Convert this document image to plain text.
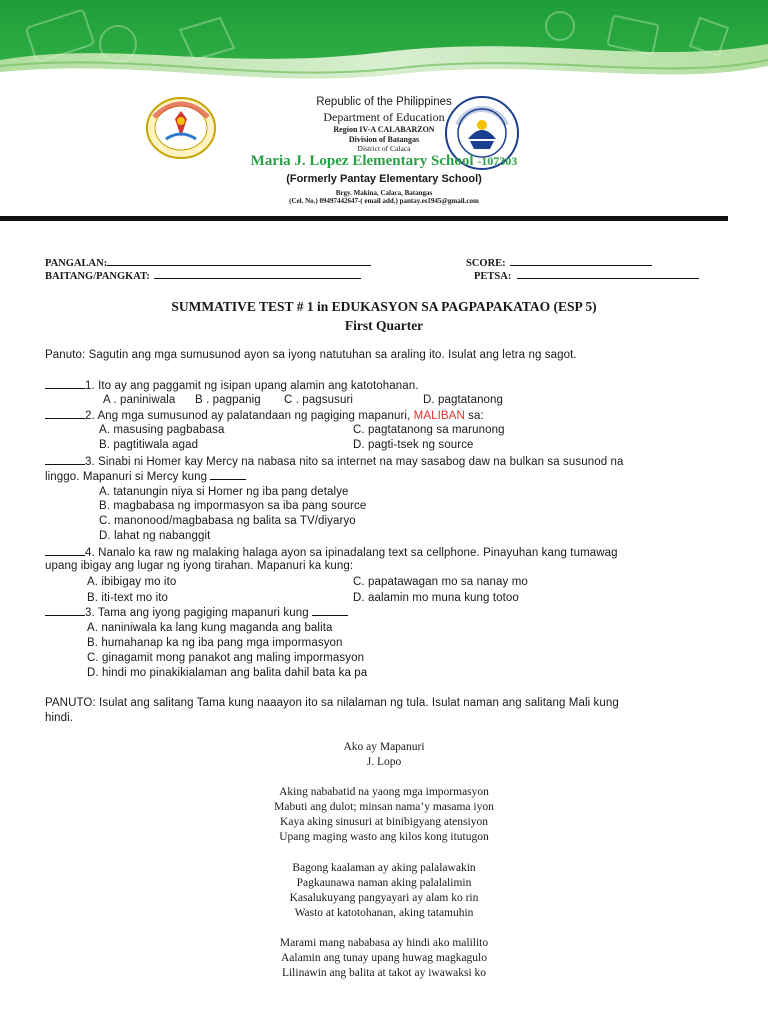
Republic of the Philippines
Department of Education
Region IV-A CALABARZON
Division of Batangas
District of Calaca
Maria J. Lopez Elementary School -107303
(Formerly Pantay Elementary School)
Brgy. Makina, Calaca, Batangas
(Cel. No.) 09497442647-( email add.) pantay.es1945@gmail.com
PANGALAN:
BAITANG/PANGKAT:
SCORE:
PETSA:
SUMMATIVE TEST # 1 in EDUKASYON SA PAGPAPAKATAO (ESP 5)
First Quarter
Panuto: Sagutin ang mga sumusunod ayon sa iyong natutuhan sa araling ito. Isulat ang letra ng sagot.
1. Ito ay ang paggamit ng isipan upang alamin ang katotohanan.
A . paniniwala B . pagpanig C . pagsusuri	D. pagtatanong
2. Ang mga sumusunod ay palatandaan ng pagiging mapanuri, MALIBAN sa:
A. masusing pagbabasa	C. pagtatanong sa marunong
B. pagtitiwala agad	D. pagti-tsek ng source
3. Sinabi ni Homer kay Mercy na nabasa nito sa internet na may sasabog daw na bulkan sa susunod na
linggo. Mapanuri si Mercy kung
A. tatanungin niya si Homer ng iba pang detalye
B. magbabasa ng impormasyon sa iba pang source
C. manonood/magbabasa ng balita sa TV/diyaryo
D. lahat ng nabanggit
4. Nanalo ka raw ng malaking halaga ayon sa ipinadalang text sa cellphone. Pinayuhan kang tumawag
upang ibigay ang lugar ng iyong tirahan. Mapanuri ka kung:
A. ibibigay mo ito	C. papatawagan mo sa nanay mo
B. iti-text mo ito	D. aalamin mo muna kung totoo
3. Tama ang iyong pagiging mapanuri kung
A. naniniwala ka lang kung maganda ang balita
B. humahanap ka ng iba pang mga impormasyon
C. ginagamit mong panakot ang maling impormasyon
D. hindi mo pinakikialaman ang balita dahil bata ka pa
PANUTO: Isulat ang salitang Tama kung naaayon ito sa nilalaman ng tula. Isulat naman ang salitang Mali kung
hindi.
Ako ay Mapanuri
J. Lopo
Aking nababatid na yaong mga impormasyon
Mabuti ang dulot; minsan nama’y masama iyon
Kaya aking sinusuri at binibigyang atensiyon
Upang maging wasto ang kilos kong itutugon
Bagong kaalaman ay aking palalawakin
Pagkaunawa naman aking palalalimin
Kasalukuyang pangyayari ay alam ko rin
Wasto at katotohanan, aking tatamuhin
Marami mang nababasa ay hindi ako malilito
Aalamin ang tunay upang huwag magkagulo
Lilinawin ang balita at takot ay iwawaksi ko
